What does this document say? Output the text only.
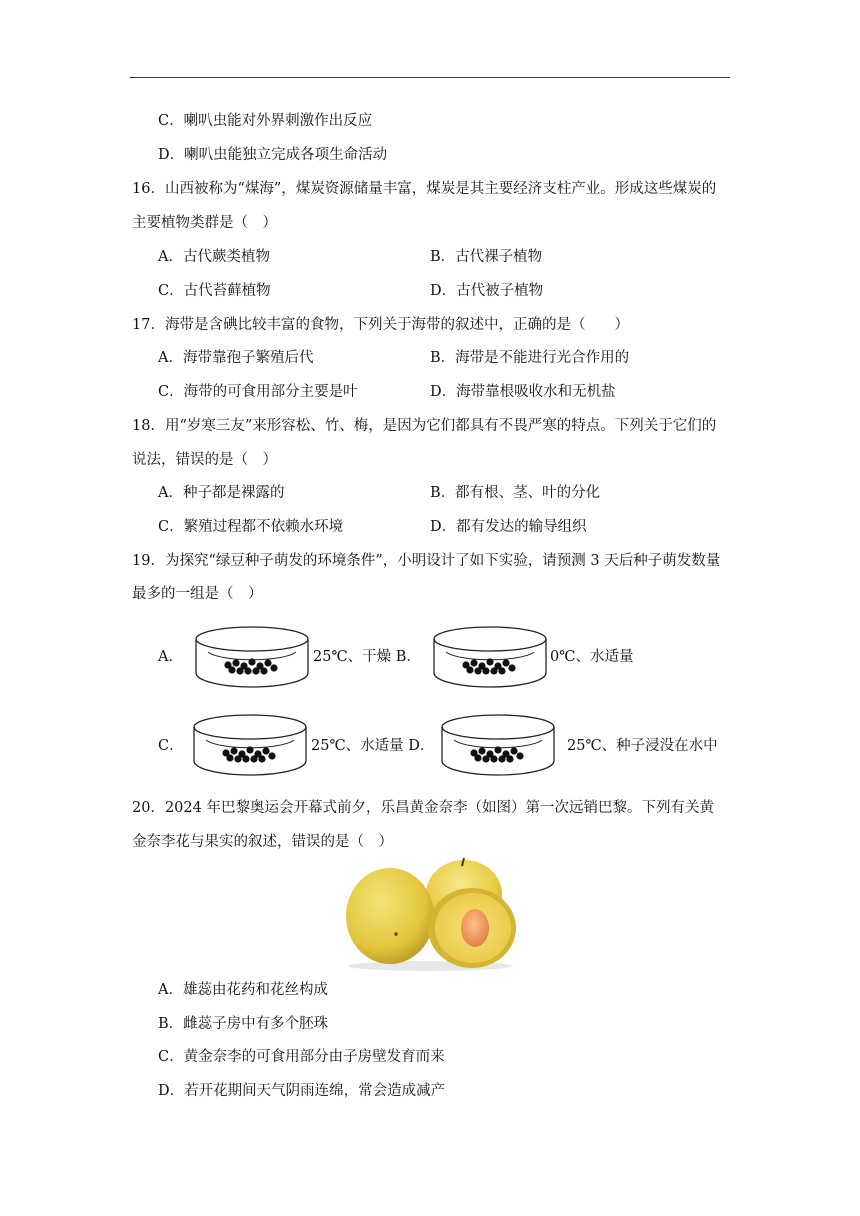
C．喇叭虫能对外界刺激作出反应
D．喇叭虫能独立完成各项生命活动
16．山西被称为“煤海”，煤炭资源储量丰富，煤炭是其主要经济支柱产业。形成这些煤炭的
主要植物类群是（　）
A．古代蕨类植物	B．古代裸子植物
C．古代苔藓植物	D．古代被子植物
17．海带是含碘比较丰富的食物，下列关于海带的叙述中，正确的是（　　）
A．海带靠孢子繁殖后代	B．海带是不能进行光合作用的
C．海带的可食用部分主要是叶	D．海带靠根吸收水和无机盐
18．用“岁寒三友”来形容松、竹、梅，是因为它们都具有不畏严寒的特点。下列关于它们的
说法，错误的是（　）
A．种子都是裸露的	B．都有根、茎、叶的分化
C．繁殖过程都不依赖水环境	D．都有发达的输导组织
19．为探究“绿豆种子萌发的环境条件”，小明设计了如下实验，请预测 3 天后种子萌发数量
最多的一组是（　）
A．	25℃、干燥 B．	0℃、水适量
C．	25℃、水适量 D．	25℃、种子浸没在水中
20．2024 年巴黎奥运会开幕式前夕，乐昌黄金奈李（如图）第一次远销巴黎。下列有关黄
金奈李花与果实的叙述，错误的是（　）
A．雄蕊由花药和花丝构成
B．雌蕊子房中有多个胚珠
C．黄金奈李的可食用部分由子房壁发育而来
D．若开花期间天气阴雨连绵，常会造成减产
